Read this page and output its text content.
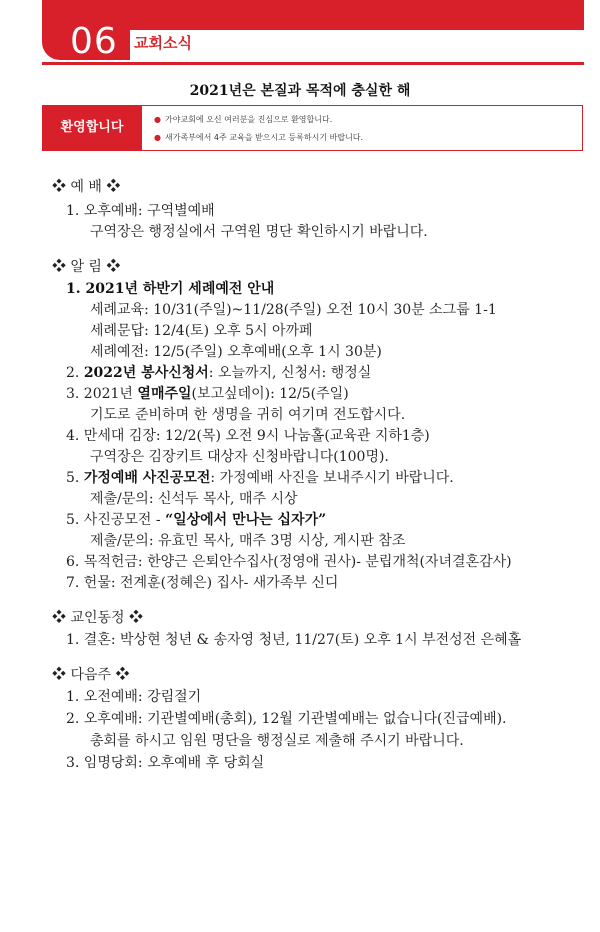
06 교회소식
2021년은 본질과 목적에 충실한 해
환영합니다
● 가야교회에 오신 여러분을 진심으로 환영합니다.
● 새가족부에서 4주 교육을 받으시고 등록하시기 바랍니다.
❖ 예 배 ❖
1. 오후예배: 구역별예배
구역장은 행정실에서 구역원 명단 확인하시기 바랍니다.
❖ 알 림 ❖
1. 2021년 하반기 세례예전 안내
세례교육: 10/31(주일)~11/28(주일) 오전 10시 30분 소그룹 1-1
세례문답: 12/4(토) 오후 5시 아까페
세례예전: 12/5(주일) 오후예배(오후 1시 30분)
2. 2022년 봉사신청서: 오늘까지, 신청서: 행정실
3. 2021년 열매주일(보고싶데이): 12/5(주일)
기도로 준비하며 한 생명을 귀히 여기며 전도합시다.
4. 만세대 김장: 12/2(목) 오전 9시 나눔홀(교육관 지하1층)
구역장은 김장키트 대상자 신청바랍니다(100명).
5. 가정예배 사진공모전: 가정예배 사진을 보내주시기 바랍니다.
제출/문의: 신석두 목사, 매주 시상
5. 사진공모전 - “일상에서 만나는 십자가”
제출/문의: 유효민 목사, 매주 3명 시상, 게시판 참조
6. 목적헌금: 한양근 은퇴안수집사(정영애 권사)- 분립개척(자녀결혼감사)
7. 헌물: 전계훈(정혜은) 집사- 새가족부 신디
❖ 교인동정 ❖
1. 결혼: 박상현 청년 & 송자영 청년, 11/27(토) 오후 1시 부전성전 은혜홀
❖ 다음주 ❖
1. 오전예배: 강림절기
2. 오후예배: 기관별예배(총회), 12월 기관별예배는 없습니다(진급예배).
총회를 하시고 임원 명단을 행정실로 제출해 주시기 바랍니다.
3. 임명당회: 오후예배 후 당회실
